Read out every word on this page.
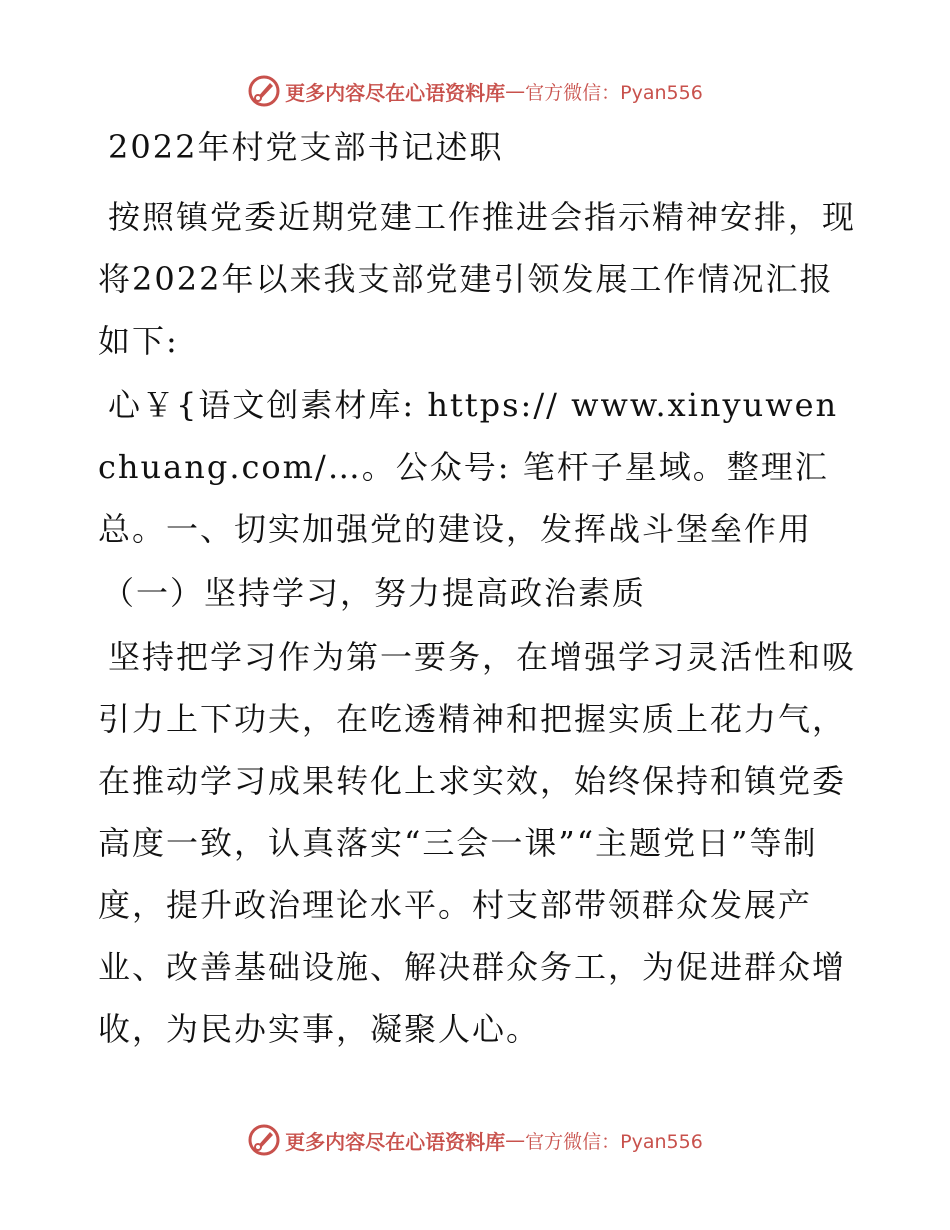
更多内容尽在心语资料库 — 官方微信：Pyan556

2022年村党支部书记述职

按照镇党委近期党建工作推进会指示精神安排，现将2022年以来我支部党建引领发展工作情况汇报如下:

心￥{语文创素材库: https:// www.xinyuwenchuang.com/…。公众号: 笔杆子星域。整理汇总。一、切实加强党的建设，发挥战斗堡垒作用

（一）坚持学习，努力提高政治素质

坚持把学习作为第一要务，在增强学习灵活性和吸引力上下功夫，在吃透精神和把握实质上花力气，在推动学习成果转化上求实效，始终保持和镇党委高度一致，认真落实“三会一课”“主题党日”等制度，提升政治理论水平。村支部带领群众发展产业、改善基础设施、解决群众务工，为促进群众增收，为民办实事，凝聚人心。

更多内容尽在心语资料库 — 官方微信：Pyan556
